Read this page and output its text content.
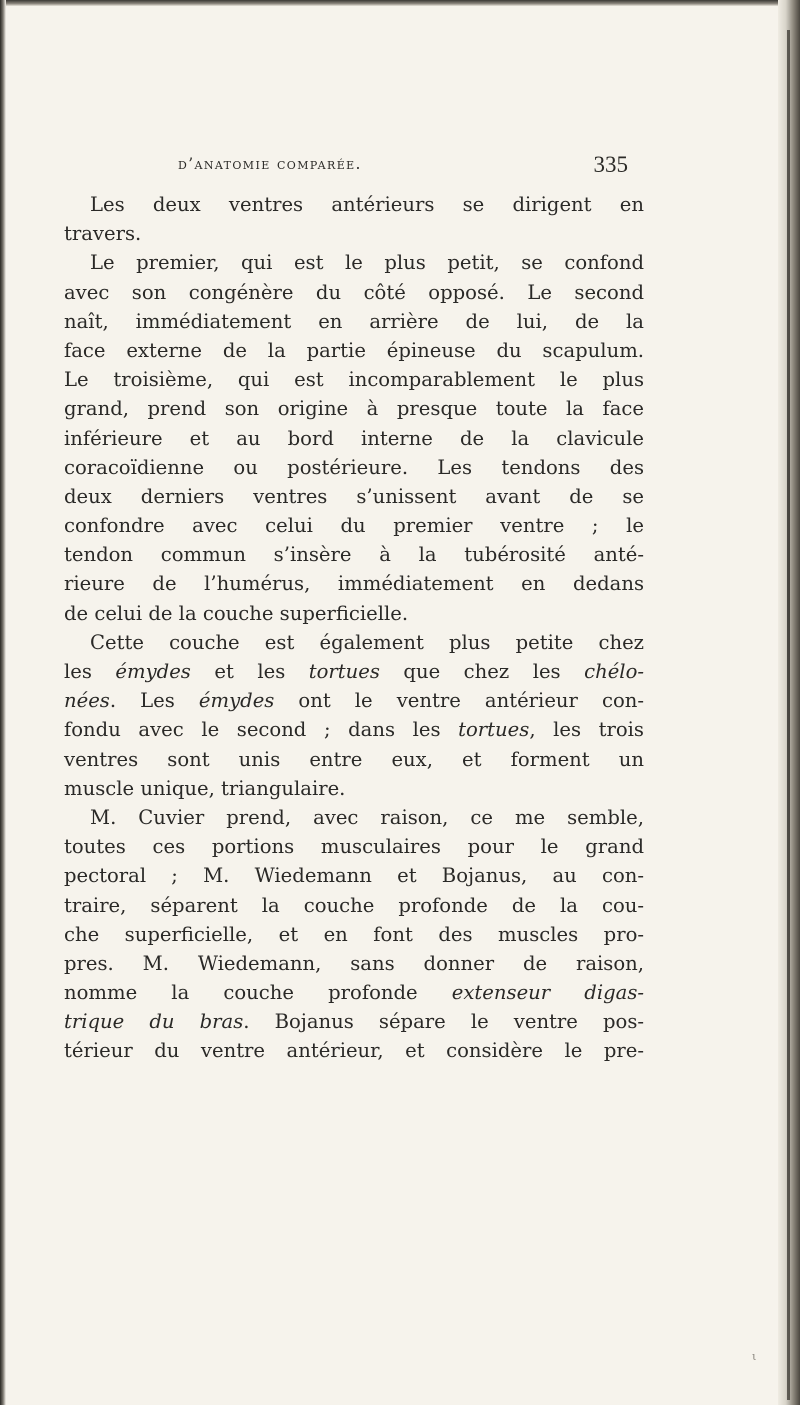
d’anatomie comparée.	335
Les deux ventres antérieurs se dirigent en
travers.
Le premier, qui est le plus petit, se confond
avec son congénère du côté opposé. Le second
naît, immédiatement en arrière de lui, de la
face externe de la partie épineuse du scapulum.
Le troisième, qui est incomparablement le plus
grand, prend son origine à presque toute la face
inférieure et au bord interne de la clavicule
coracoïdienne ou postérieure. Les tendons des
deux derniers ventres s’unissent avant de se
confondre avec celui du premier ventre ; le
tendon commun s’insère à la tubérosité anté-
rieure de l’humérus, immédiatement en dedans
de celui de la couche superficielle.
Cette couche est également plus petite chez
les émydes et les tortues que chez les chélo-
nées. Les émydes ont le ventre antérieur con-
fondu avec le second ; dans les tortues, les trois
ventres sont unis entre eux, et forment un
muscle unique, triangulaire.
M. Cuvier prend, avec raison, ce me semble,
toutes ces portions musculaires pour le grand
pectoral ; M. Wiedemann et Bojanus, au con-
traire, séparent la couche profonde de la cou-
che superficielle, et en font des muscles pro-
pres. M. Wiedemann, sans donner de raison,
nomme la couche profonde extenseur digas-
trique du bras. Bojanus sépare le ventre pos-
térieur du ventre antérieur, et considère le pre-
ι
